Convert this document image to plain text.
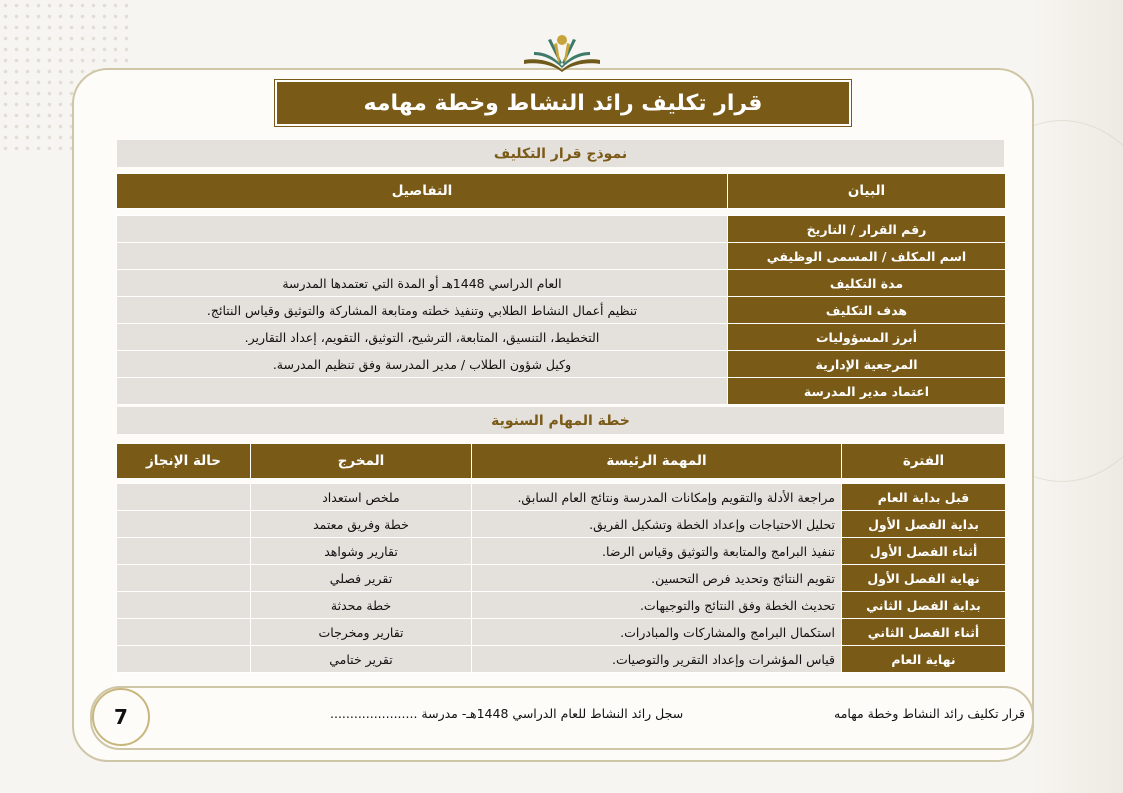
قرار تكليف رائد النشاط وخطة مهامه
نموذج قرار التكليف
البيان	التفاصيل

رقم القرار / التاريخ	
اسم المكلف / المسمى الوظيفي	
مدة التكليف	العام الدراسي 1448هـ أو المدة التي تعتمدها المدرسة
هدف التكليف	تنظيم أعمال النشاط الطلابي وتنفيذ خطته ومتابعة المشاركة والتوثيق وقياس النتائج.
أبرز المسؤوليات	التخطيط، التنسيق، المتابعة، الترشيح، التوثيق، التقويم، إعداد التقارير.
المرجعية الإدارية	وكيل شؤون الطلاب / مدير المدرسة وفق تنظيم المدرسة.
اعتماد مدير المدرسة	
خطة المهام السنوية
الفترة	المهمة الرئيسة	المخرج	حالة الإنجاز

قبل بداية العام	مراجعة الأدلة والتقويم وإمكانات المدرسة ونتائج العام السابق.	ملخص استعداد	
بداية الفصل الأول	تحليل الاحتياجات وإعداد الخطة وتشكيل الفريق.	خطة وفريق معتمد	
أثناء الفصل الأول	تنفيذ البرامج والمتابعة والتوثيق وقياس الرضا.	تقارير وشواهد	
نهاية الفصل الأول	تقويم النتائج وتحديد فرص التحسين.	تقرير فصلي	
بداية الفصل الثاني	تحديث الخطة وفق النتائج والتوجيهات.	خطة محدثة	
أثناء الفصل الثاني	استكمال البرامج والمشاركات والمبادرات.	تقارير ومخرجات	
نهاية العام	قياس المؤشرات وإعداد التقرير والتوصيات.	تقرير ختامي	
7	سجل رائد النشاط للعام الدراسي 1448هـ- مدرسة ......................	قرار تكليف رائد النشاط وخطة مهامه
